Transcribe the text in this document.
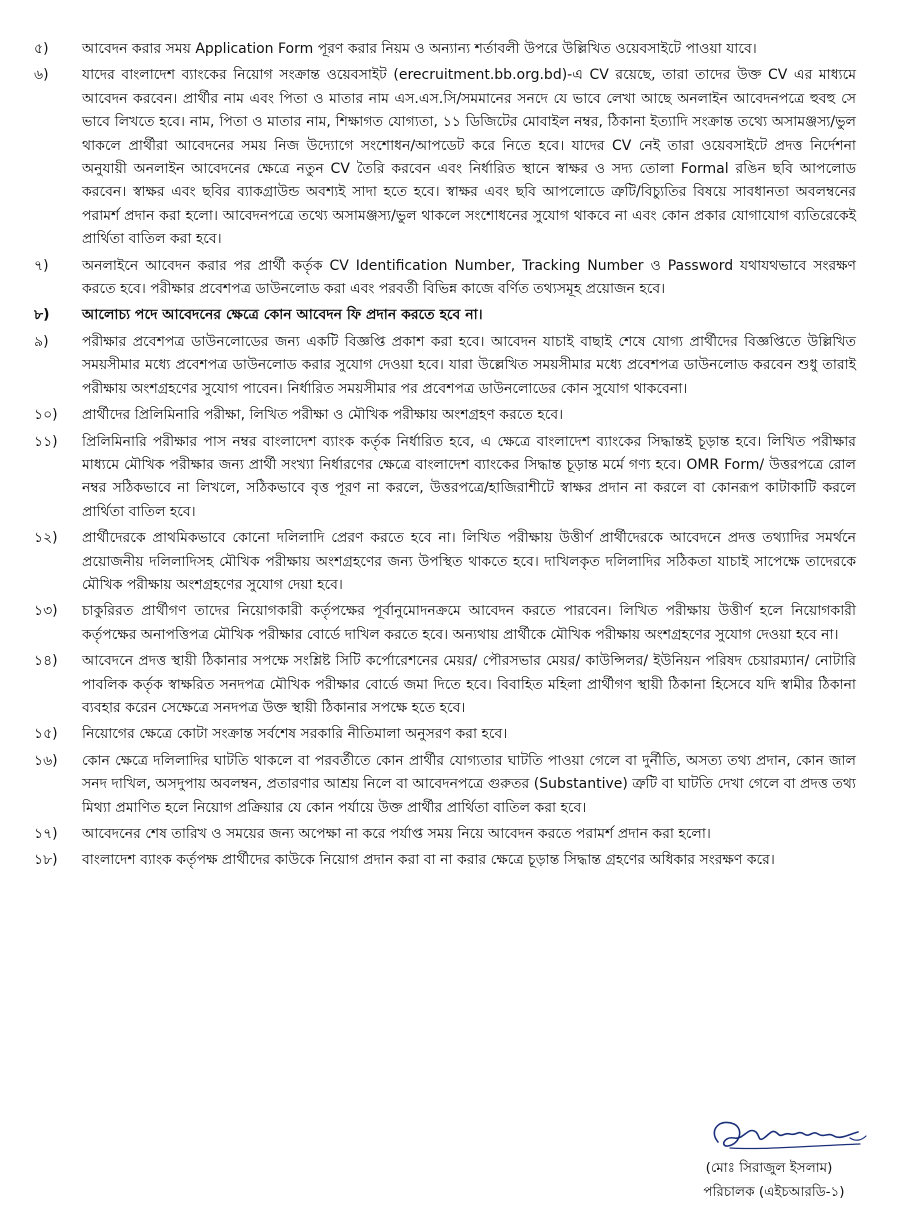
৫)	আবেদন করার সময় Application Form পূরণ করার নিয়ম ও অন্যান্য শর্তাবলী উপরে উল্লিখিত ওয়েবসাইটে পাওয়া যাবে।
৬)	যাদের বাংলাদেশ ব্যাংকের নিয়োগ সংক্রান্ত ওয়েবসাইট (erecruitment.bb.org.bd)-এ CV রয়েছে, তারা তাদের উক্ত CV এর মাধ্যমে আবেদন করবেন। প্রার্থীর নাম এবং পিতা ও মাতার নাম এস.এস.সি/সমমানের সনদে যে ভাবে লেখা আছে অনলাইন আবেদনপত্রে হুবহু সে ভাবে লিখতে হবে। নাম, পিতা ও মাতার নাম, শিক্ষাগত যোগ্যতা, ১১ ডিজিটের মোবাইল নম্বর, ঠিকানা ইত্যাদি সংক্রান্ত তথ্যে অসামঞ্জস্য/ভুল থাকলে প্রার্থীরা আবেদনের সময় নিজ উদ্যোগে সংশোধন/আপডেট করে নিতে হবে। যাদের CV নেই তারা ওয়েবসাইটে প্রদত্ত নির্দেশনা অনুযায়ী অনলাইন আবেদনের ক্ষেত্রে নতুন CV তৈরি করবেন এবং নির্ধারিত স্থানে স্বাক্ষর ও সদ্য তোলা Formal রঙিন ছবি আপলোড করবেন। স্বাক্ষর এবং ছবির ব্যাকগ্রাউন্ড অবশ্যই সাদা হতে হবে। স্বাক্ষর এবং ছবি আপলোডে ত্রুটি/বিচ্যুতির বিষয়ে সাবধানতা অবলম্বনের পরামর্শ প্রদান করা হলো। আবেদনপত্রে তথ্যে অসামঞ্জস্য/ভুল থাকলে সংশোধনের সুযোগ থাকবে না এবং কোন প্রকার যোগাযোগ ব্যতিরেকেই প্রার্থিতা বাতিল করা হবে।
৭)	অনলাইনে আবেদন করার পর প্রার্থী কর্তৃক CV Identification Number, Tracking Number ও Password যথাযথভাবে সংরক্ষণ করতে হবে। পরীক্ষার প্রবেশপত্র ডাউনলোড করা এবং পরবর্তী বিভিন্ন কাজে বর্ণিত তথ্যসমূহ প্রয়োজন হবে।
৮)	আলোচ্য পদে আবেদনের ক্ষেত্রে কোন আবেদন ফি প্রদান করতে হবে না।
৯)	পরীক্ষার প্রবেশপত্র ডাউনলোডের জন্য একটি বিজ্ঞপ্তি প্রকাশ করা হবে। আবেদন যাচাই বাছাই শেষে যোগ্য প্রার্থীদের বিজ্ঞপ্তিতে উল্লিখিত সময়সীমার মধ্যে প্রবেশপত্র ডাউনলোড করার সুযোগ দেওয়া হবে। যারা উল্লেখিত সময়সীমার মধ্যে প্রবেশপত্র ডাউনলোড করবেন শুধু তারাই পরীক্ষায় অংশগ্রহণের সুযোগ পাবেন। নির্ধারিত সময়সীমার পর প্রবেশপত্র ডাউনলোডের কোন সুযোগ থাকবেনা।
১০)	প্রার্থীদের প্রিলিমিনারি পরীক্ষা, লিখিত পরীক্ষা ও মৌখিক পরীক্ষায় অংশগ্রহণ করতে হবে।
১১)	প্রিলিমিনারি পরীক্ষার পাস নম্বর বাংলাদেশ ব্যাংক কর্তৃক নির্ধারিত হবে, এ ক্ষেত্রে বাংলাদেশ ব্যাংকের সিদ্ধান্তই চূড়ান্ত হবে। লিখিত পরীক্ষার মাধ্যমে মৌখিক পরীক্ষার জন্য প্রার্থী সংখ্যা নির্ধারণের ক্ষেত্রে বাংলাদেশ ব্যাংকের সিদ্ধান্ত চূড়ান্ত মর্মে গণ্য হবে। OMR Form/ উত্তরপত্রে রোল নম্বর সঠিকভাবে না লিখলে, সঠিকভাবে বৃত্ত পূরণ না করলে, উত্তরপত্রে/হাজিরাশীটে স্বাক্ষর প্রদান না করলে বা কোনরূপ কাটাকাটি করলে প্রার্থিতা বাতিল হবে।
১২)	প্রার্থীদেরকে প্রাথমিকভাবে কোনো দলিলাদি প্রেরণ করতে হবে না। লিখিত পরীক্ষায় উত্তীর্ণ প্রার্থীদেরকে আবেদনে প্রদত্ত তথ্যাদির সমর্থনে প্রয়োজনীয় দলিলাদিসহ মৌখিক পরীক্ষায় অংশগ্রহণের জন্য উপস্থিত থাকতে হবে। দাখিলকৃত দলিলাদির সঠিকতা যাচাই সাপেক্ষে তাদেরকে মৌখিক পরীক্ষায় অংশগ্রহণের সুযোগ দেয়া হবে।
১৩)	চাকুরিরত প্রার্থীগণ তাদের নিয়োগকারী কর্তৃপক্ষের পূর্বানুমোদনক্রমে আবেদন করতে পারবেন। লিখিত পরীক্ষায় উত্তীর্ণ হলে নিয়োগকারী কর্তৃপক্ষের অনাপত্তিপত্র মৌখিক পরীক্ষার বোর্ডে দাখিল করতে হবে। অন্যথায় প্রার্থীকে মৌখিক পরীক্ষায় অংশগ্রহণের সুযোগ দেওয়া হবে না।
১৪)	আবেদনে প্রদত্ত স্থায়ী ঠিকানার সপক্ষে সংশ্লিষ্ট সিটি কর্পোরেশনের মেয়র/ পৌরসভার মেয়র/ কাউন্সিলর/ ইউনিয়ন পরিষদ চেয়ারম্যান/ নোটারি পাবলিক কর্তৃক স্বাক্ষরিত সনদপত্র মৌখিক পরীক্ষার বোর্ডে জমা দিতে হবে। বিবাহিত মহিলা প্রার্থীগণ স্থায়ী ঠিকানা হিসেবে যদি স্বামীর ঠিকানা ব্যবহার করেন সেক্ষেত্রে সনদপত্র উক্ত স্থায়ী ঠিকানার সপক্ষে হতে হবে।
১৫)	নিয়োগের ক্ষেত্রে কোটা সংক্রান্ত সর্বশেষ সরকারি নীতিমালা অনুসরণ করা হবে।
১৬)	কোন ক্ষেত্রে দলিলাদির ঘাটতি থাকলে বা পরবর্তীতে কোন প্রার্থীর যোগ্যতার ঘাটতি পাওয়া গেলে বা দুর্নীতি, অসত্য তথ্য প্রদান, কোন জাল সনদ দাখিল, অসদুপায় অবলম্বন, প্রতারণার আশ্রয় নিলে বা আবেদনপত্রে গুরুতর (Substantive) ত্রুটি বা ঘাটতি দেখা গেলে বা প্রদত্ত তথ্য মিথ্যা প্রমাণিত হলে নিয়োগ প্রক্রিয়ার যে কোন পর্যায়ে উক্ত প্রার্থীর প্রার্থিতা বাতিল করা হবে।
১৭)	আবেদনের শেষ তারিখ ও সময়ের জন্য অপেক্ষা না করে পর্যাপ্ত সময় নিয়ে আবেদন করতে পরামর্শ প্রদান করা হলো।
১৮)	বাংলাদেশ ব্যাংক কর্তৃপক্ষ প্রার্থীদের কাউকে নিয়োগ প্রদান করা বা না করার ক্ষেত্রে চূড়ান্ত সিদ্ধান্ত গ্রহণের অধিকার সংরক্ষণ করে।
(মোঃ সিরাজুল ইসলাম)
পরিচালক (এইচআরডি-১)
